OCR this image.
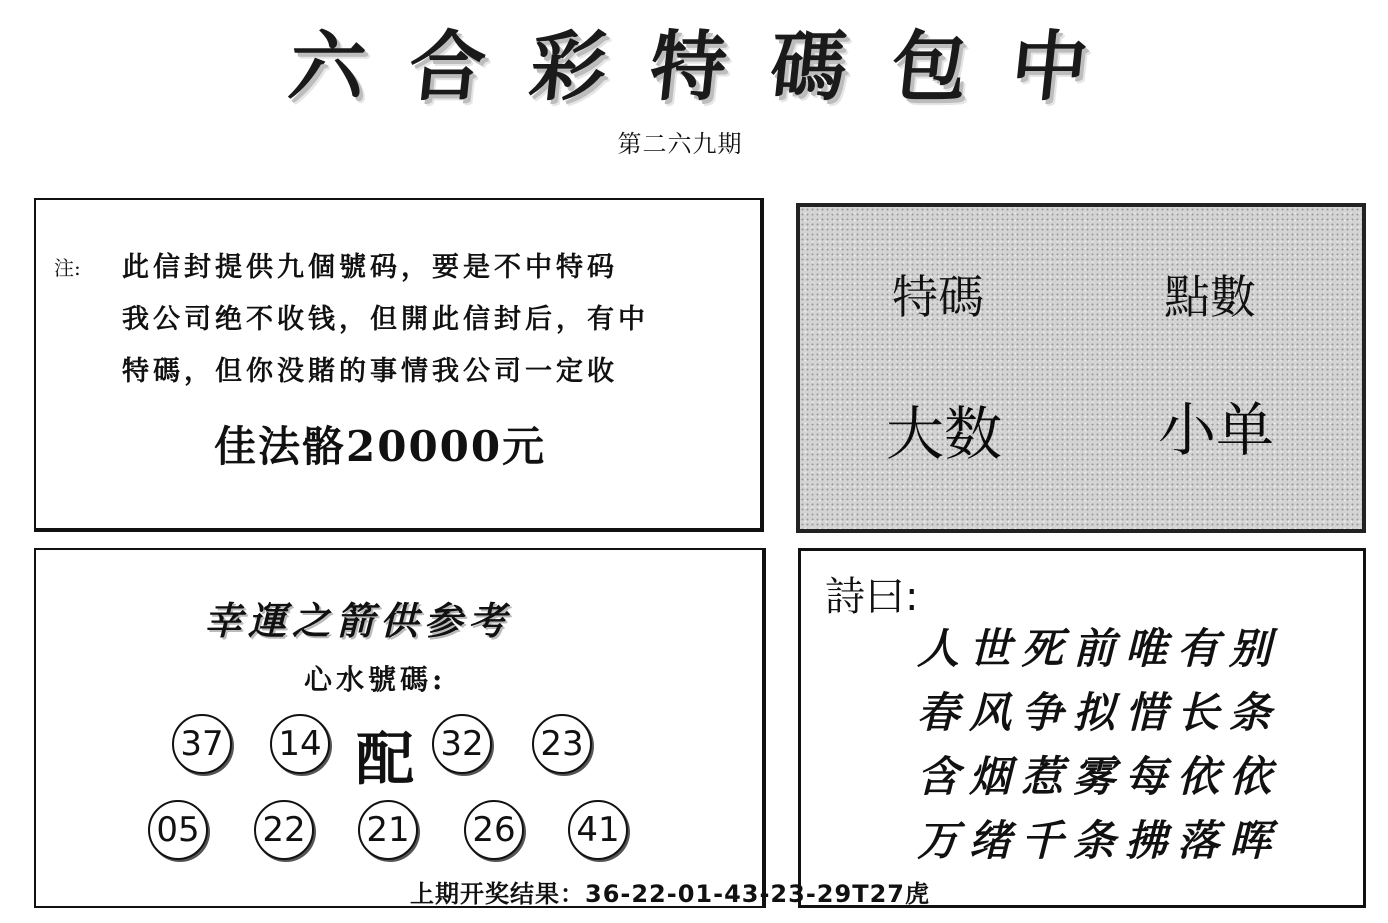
六 合 彩 特 碼 包 中
第二六九期
注: 此信封提供九個號码，要是不中特码
我公司绝不收钱，但開此信封后，有中
特碼，但你没賭的事情我公司一定收
佳法骼20000元
特碼	點數
大数	小单
幸運之箭供参考
心水號碼:
37 14 配 32 23
05 22 21 26 41
詩曰:
人世死前唯有别
春风争拟惜长条
含烟惹雾每依依
万绪千条拂落晖
上期开奖结果：36-22-01-43-23-29T27虎
